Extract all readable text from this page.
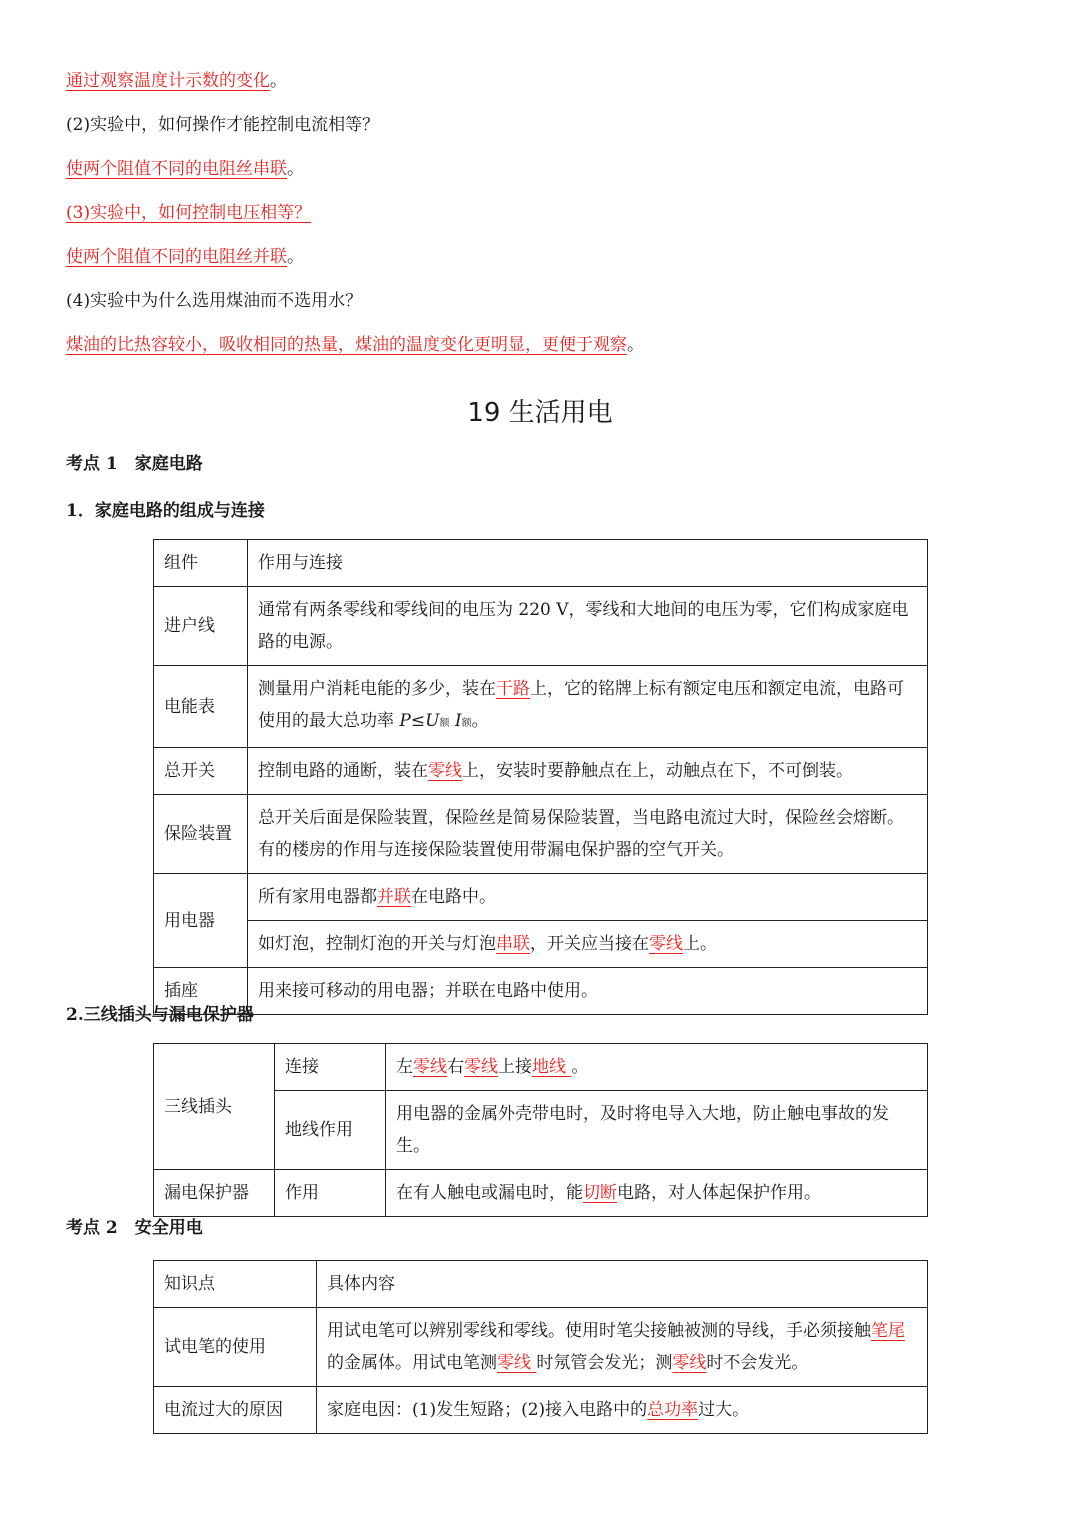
通过观察温度计示数的变化。
(2)实验中，如何操作才能控制电流相等？
使两个阻值不同的电阻丝串联。
(3)实验中，如何控制电压相等？
使两个阻值不同的电阻丝并联。
(4)实验中为什么选用煤油而不选用水？
煤油的比热容较小，吸收相同的热量，煤油的温度变化更明显，更便于观察。
19 生活用电
考点 1　家庭电路
1．家庭电路的组成与连接
组件	作用与连接
进户线	通常有两条零线和零线间的电压为 220 V，零线和大地间的电压为零，它们构成家庭电路的电源。
电能表	测量用户消耗电能的多少，装在干路上，它的铭牌上标有额定电压和额定电流，电路可使用的最大总功率 P≤U额 I额。
总开关	控制电路的通断，装在零线上，安装时要静触点在上，动触点在下，不可倒装。
保险装置	总开关后面是保险装置，保险丝是简易保险装置，当电路电流过大时，保险丝会熔断。有的楼房的作用与连接保险装置使用带漏电保护器的空气开关。
用电器	所有家用电器都并联在电路中。
	如灯泡，控制灯泡的开关与灯泡串联，开关应当接在零线上。
插座	用来接可移动的用电器；并联在电路中使用。
2.三线插头与漏电保护器
三线插头	连接	左零线右零线上接地线 。
	地线作用	用电器的金属外壳带电时，及时将电导入大地，防止触电事故的发生。
漏电保护器	作用	在有人触电或漏电时，能切断电路，对人体起保护作用。
考点 2　安全用电
知识点	具体内容
试电笔的使用	用试电笔可以辨别零线和零线。使用时笔尖接触被测的导线，手必须接触笔尾的金属体。用试电笔测零线 时氖管会发光；测零线时不会发光。
电流过大的原因	家庭电因：(1)发生短路；(2)接入电路中的总功率过大。
